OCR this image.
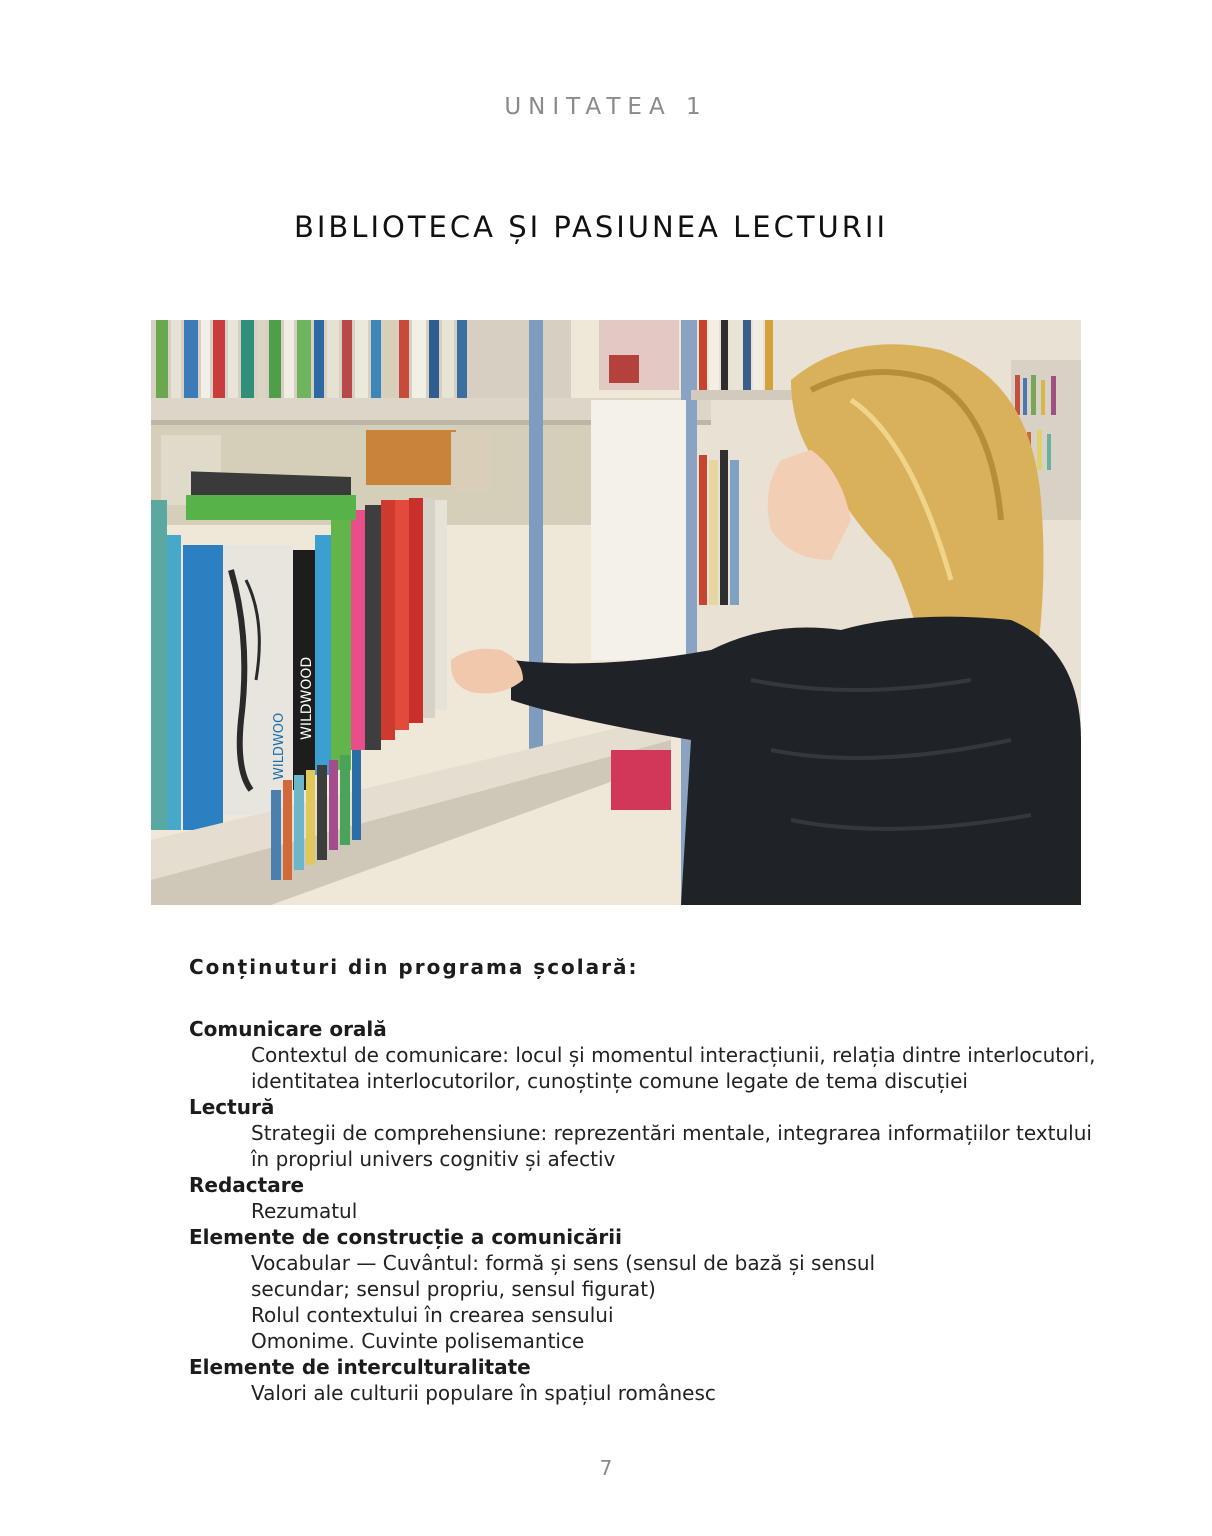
UNITATEA 1
BIBLIOTECA ȘI PASIUNEA LECTURII
WILDWOOD
WILDWOO
Conținuturi din programa școlară:
Comunicare orală
Contextul de comunicare: locul și momentul interacțiunii, relația dintre interlocutori,
identitatea interlocutorilor, cunoștințe comune legate de tema discuției
Lectură
Strategii de comprehensiune: reprezentări mentale, integrarea informațiilor textului
în propriul univers cognitiv și afectiv
Redactare
Rezumatul
Elemente de construcție a comunicării
Vocabular — Cuvântul: formă și sens (sensul de bază și sensul
secundar; sensul propriu, sensul figurat)
Rolul contextului în crearea sensului
Omonime. Cuvinte polisemantice
Elemente de interculturalitate
Valori ale culturii populare în spațiul românesc
7
